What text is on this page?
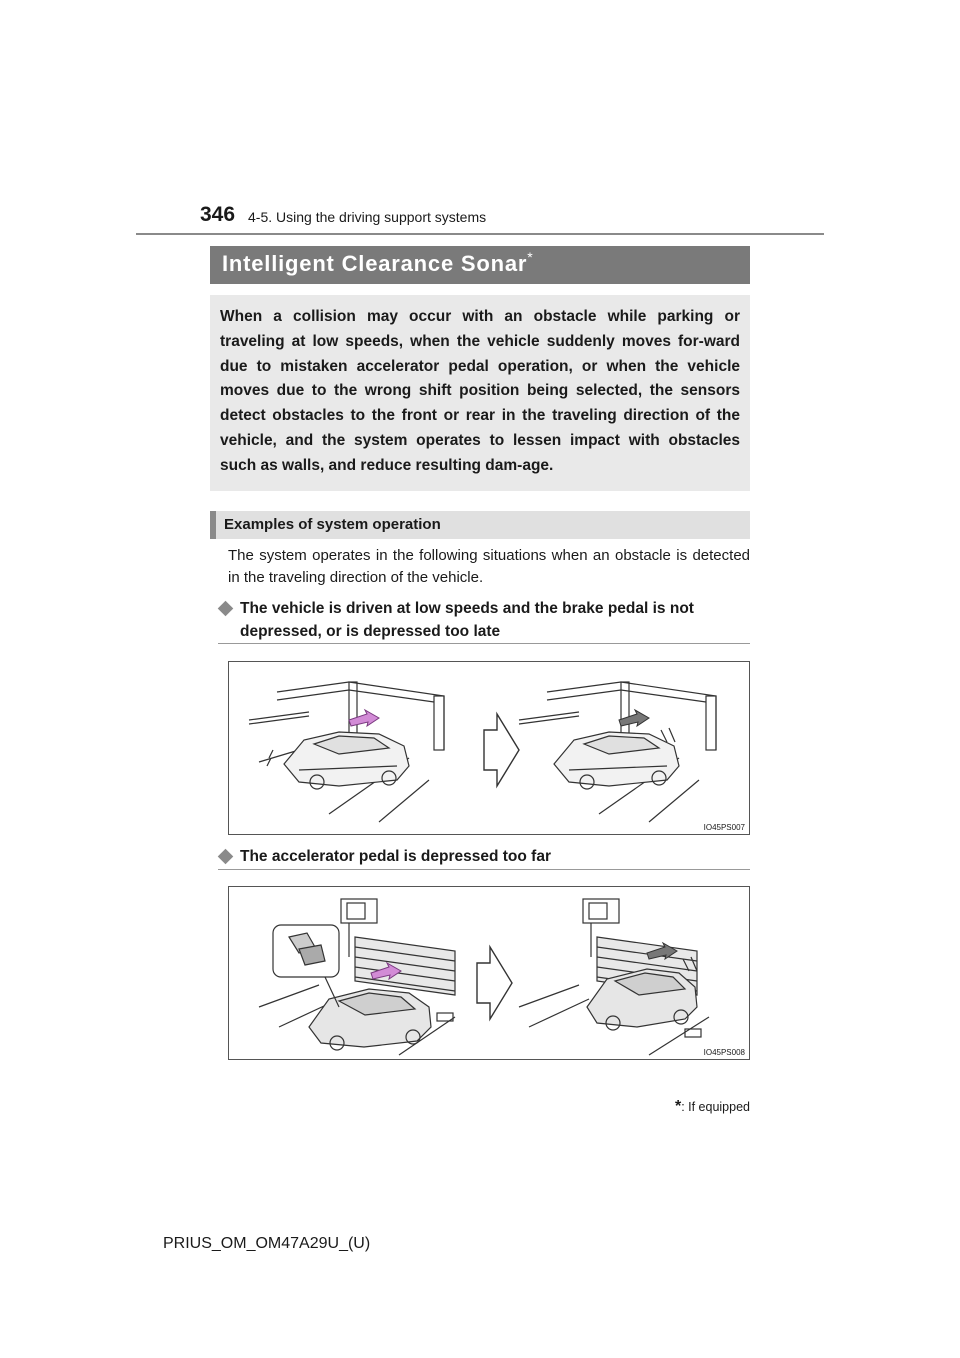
346 4-5. Using the driving support systems
Intelligent Clearance Sonar*

When a collision may occur with an obstacle while parking or traveling at low speeds, when the vehicle suddenly moves for-ward due to mistaken accelerator pedal operation, or when the vehicle moves due to the wrong shift position being selected, the sensors detect obstacles to the front or rear in the traveling direction of the vehicle, and the system operates to lessen impact with obstacles such as walls, and reduce resulting dam-age.

Examples of system operation

The system operates in the following situations when an obstacle is detected in the traveling direction of the vehicle.

The vehicle is driven at low speeds and the brake pedal is not depressed, or is depressed too late
IO45PS007
The accelerator pedal is depressed too far
IO45PS008
*: If equipped
PRIUS_OM_OM47A29U_(U)
